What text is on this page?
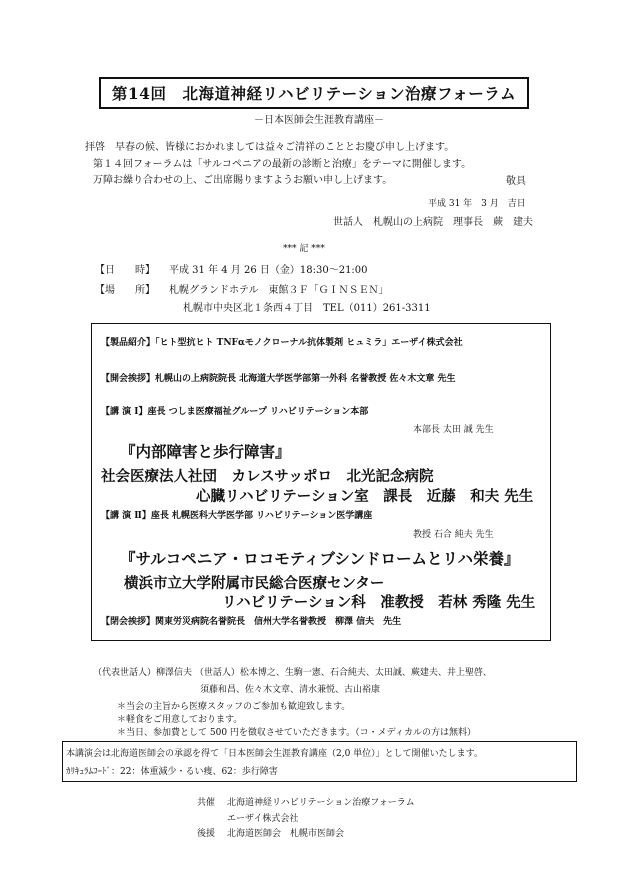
第14回　北海道神経リハビリテーション治療フォーラム
－日本医師会生涯教育講座－
拝啓　早春の候、皆様におかれましては益々ご清祥のこととお慶び申し上げます。
第１４回フォーラムは「サルコペニアの最新の診断と治療」をテーマに開催します。
万障お繰り合わせの上、ご出席賜りますようお願い申し上げます。	敬具
平成 31 年　3 月　吉日
世話人　札幌山の上病院　理事長　蕨　建夫
*** 記 ***
【日　　時】 平成 31 年 4 月 26 日（金）18:30～21:00
【場　　所】 札幌グランドホテル　東館３Ｆ「ＧＩＮＳＥＮ」
札幌市中央区北１条西４丁目　TEL（011）261-3311
【製品紹介】「ヒト型抗ヒト TNFαモノクローナル抗体製剤 ヒュミラ」エーザイ株式会社
【開会挨拶】札幌山の上病院院長 北海道大学医学部第一外科 名誉教授 佐々木文章 先生
【講 演 Ⅰ】座長 つしま医療福祉グループ リハビリテーション本部
本部長 太田 誠 先生
『内部障害と歩行障害』
社会医療法人社団　カレスサッポロ　北光記念病院
心臓リハビリテーション室　課長　近藤　和夫 先生
【講 演 Ⅱ】座長 札幌医科大学医学部 リハビリテーション医学講座
教授 石合 純夫 先生
『サルコペニア・ロコモティブシンドロームとリハ栄養』
横浜市立大学附属市民総合医療センター
リハビリテーション科　准教授　若林 秀隆 先生
【閉会挨拶】関東労災病院名誉院長　信州大学名誉教授　柳澤 信夫　先生
（代表世話人）柳澤信夫 （世話人）松本博之、生駒一憲、石合純夫、太田誠、蕨建夫、井上聖啓、
須藤和昌、佐々木文章、清水兼悦、古山裕康
＊当会の主旨から医療スタッフのご参加も歓迎致します。
＊軽食をご用意しております。
＊当日、参加費として 500 円を徴収させていただきます。（コ・メディカルの方は無料）
本講演会は北海道医師会の承認を得て「日本医師会生涯教育講座（2,0 単位）」として開催いたします。
ｶﾘｷｭﾗﾑｺｰﾄﾞ：22：体重減少・るい痩、62：歩行障害
共催 北海道神経リハビリテーション治療フォーラム
エーザイ株式会社
後援 北海道医師会　札幌市医師会
